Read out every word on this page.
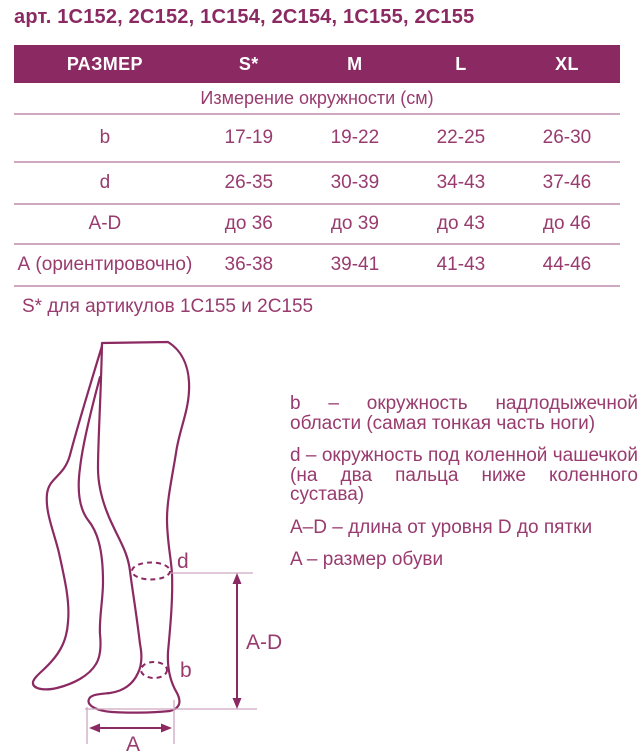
арт. 1C152, 2C152, 1C154, 2C154, 1C155, 2C155
РАЗМЕР	S*	M	L	XL
Измерение окружности (см)				
b	17-19	19-22	22-25	26-30
d	26-35	30-39	34-43	37-46
A-D	до 36	до 39	до 43	до 46
А (ориентировочно)	36-38	39-41	41-43	44-46
S* для артикулов 1C155 и 2C155
d
b
A-D
A

b – окружность надлодыжечной области (самая тонкая часть ноги)

d – окружность под коленной чашечкой (на два пальца ниже коленного сустава)

A–D – длина от уровня D до пятки

A – размер обуви
